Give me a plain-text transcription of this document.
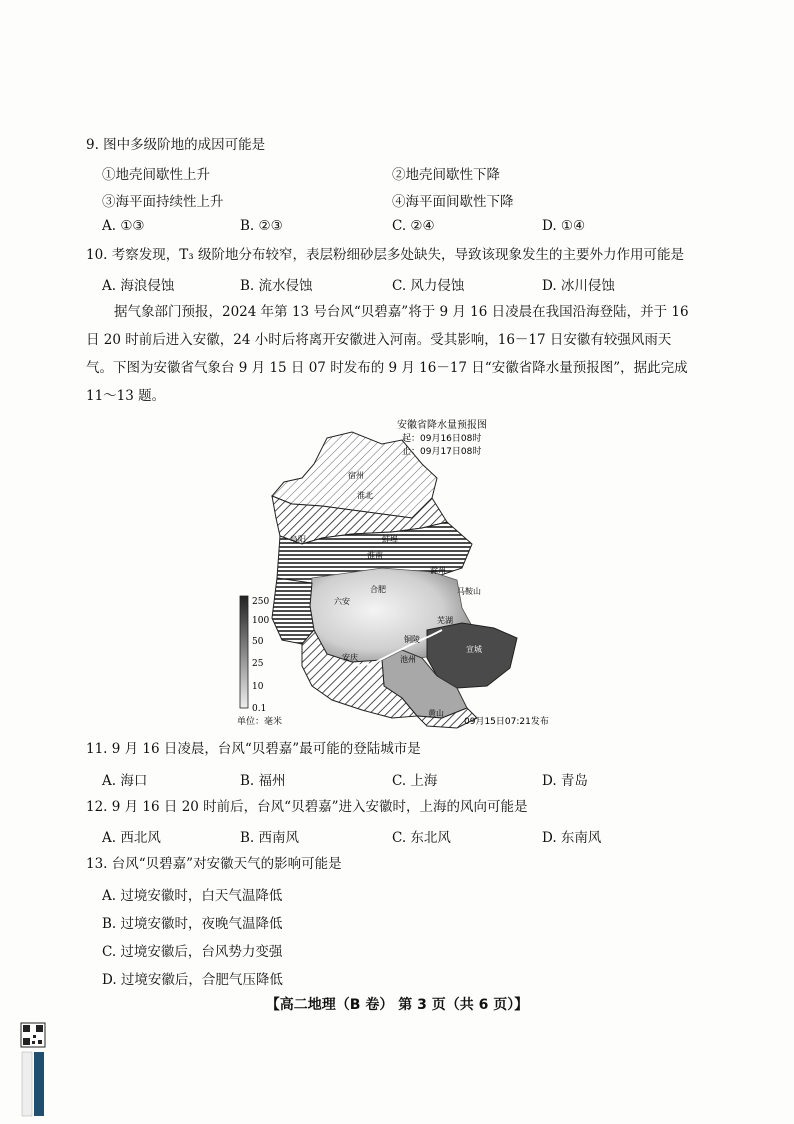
9. 图中多级阶地的成因可能是
①地壳间歇性上升	②地壳间歇性下降
③海平面持续性上升	④海平面间歇性下降
A. ①③	B. ②③	C. ②④	D. ①④
10. 考察发现，T₃ 级阶地分布较窄，表层粉细砂层多处缺失，导致该现象发生的主要外力作用可能是
A. 海浪侵蚀	B. 流水侵蚀	C. 风力侵蚀	D. 冰川侵蚀
据气象部门预报，2024 年第 13 号台风“贝碧嘉”将于 9 月 16 日凌晨在我国沿海登陆，并于 16
日 20 时前后进入安徽，24 小时后将离开安徽进入河南。受其影响，16－17 日安徽有较强风雨天
气。下图为安徽省气象台 9 月 15 日 07 时发布的 9 月 16－17 日“安徽省降水量预报图”，据此完成
11～13 题。
安徽省降水量预报图
起：09月16日08时
止：09月17日08时
宿州
淮北
阜阳	蚌埠
淮南
滁州
六安
合肥	马鞍山
芜湖
铜陵
宣城
安庆	池州
黄山
250
100
50
25
10
0.1
单位：毫米	09月15日07:21发布
11. 9 月 16 日凌晨，台风“贝碧嘉”最可能的登陆城市是
A. 海口	B. 福州	C. 上海	D. 青岛
12. 9 月 16 日 20 时前后，台风“贝碧嘉”进入安徽时，上海的风向可能是
A. 西北风	B. 西南风	C. 东北风	D. 东南风
13. 台风“贝碧嘉”对安徽天气的影响可能是
A. 过境安徽时，白天气温降低
B. 过境安徽时，夜晚气温降低
C. 过境安徽后，台风势力变强
D. 过境安徽后，合肥气压降低
【高二地理（B 卷） 第 3 页（共 6 页）】
